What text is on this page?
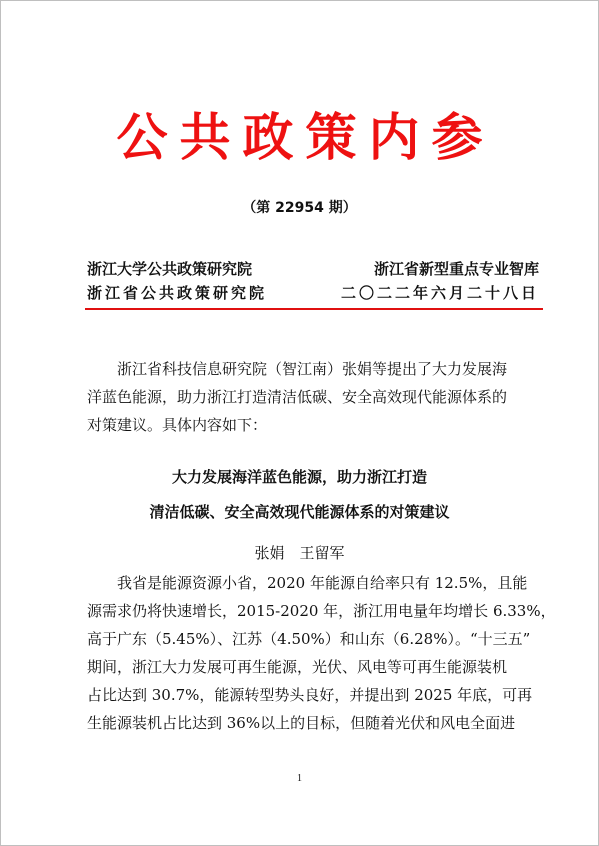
公共政策内参
（第 22954 期）
浙江大学公共政策研究院	浙江省新型重点专业智库
浙江省公共政策研究院	二〇二二年六月二十八日
浙江省科技信息研究院（智江南）张娟等提出了大力发展海
洋蓝色能源，助力浙江打造清洁低碳、安全高效现代能源体系的
对策建议。具体内容如下：
大力发展海洋蓝色能源，助力浙江打造
清洁低碳、安全高效现代能源体系的对策建议
张娟　王留军
我省是能源资源小省，2020 年能源自给率只有 12.5%，且能
源需求仍将快速增长，2015-2020 年，浙江用电量年均增长 6.33%，
高于广东（5.45%）、江苏（4.50%）和山东（6.28%）。“十三五”
期间，浙江大力发展可再生能源，光伏、风电等可再生能源装机
占比达到 30.7%，能源转型势头良好，并提出到 2025 年底，可再
生能源装机占比达到 36%以上的目标，但随着光伏和风电全面进
1
